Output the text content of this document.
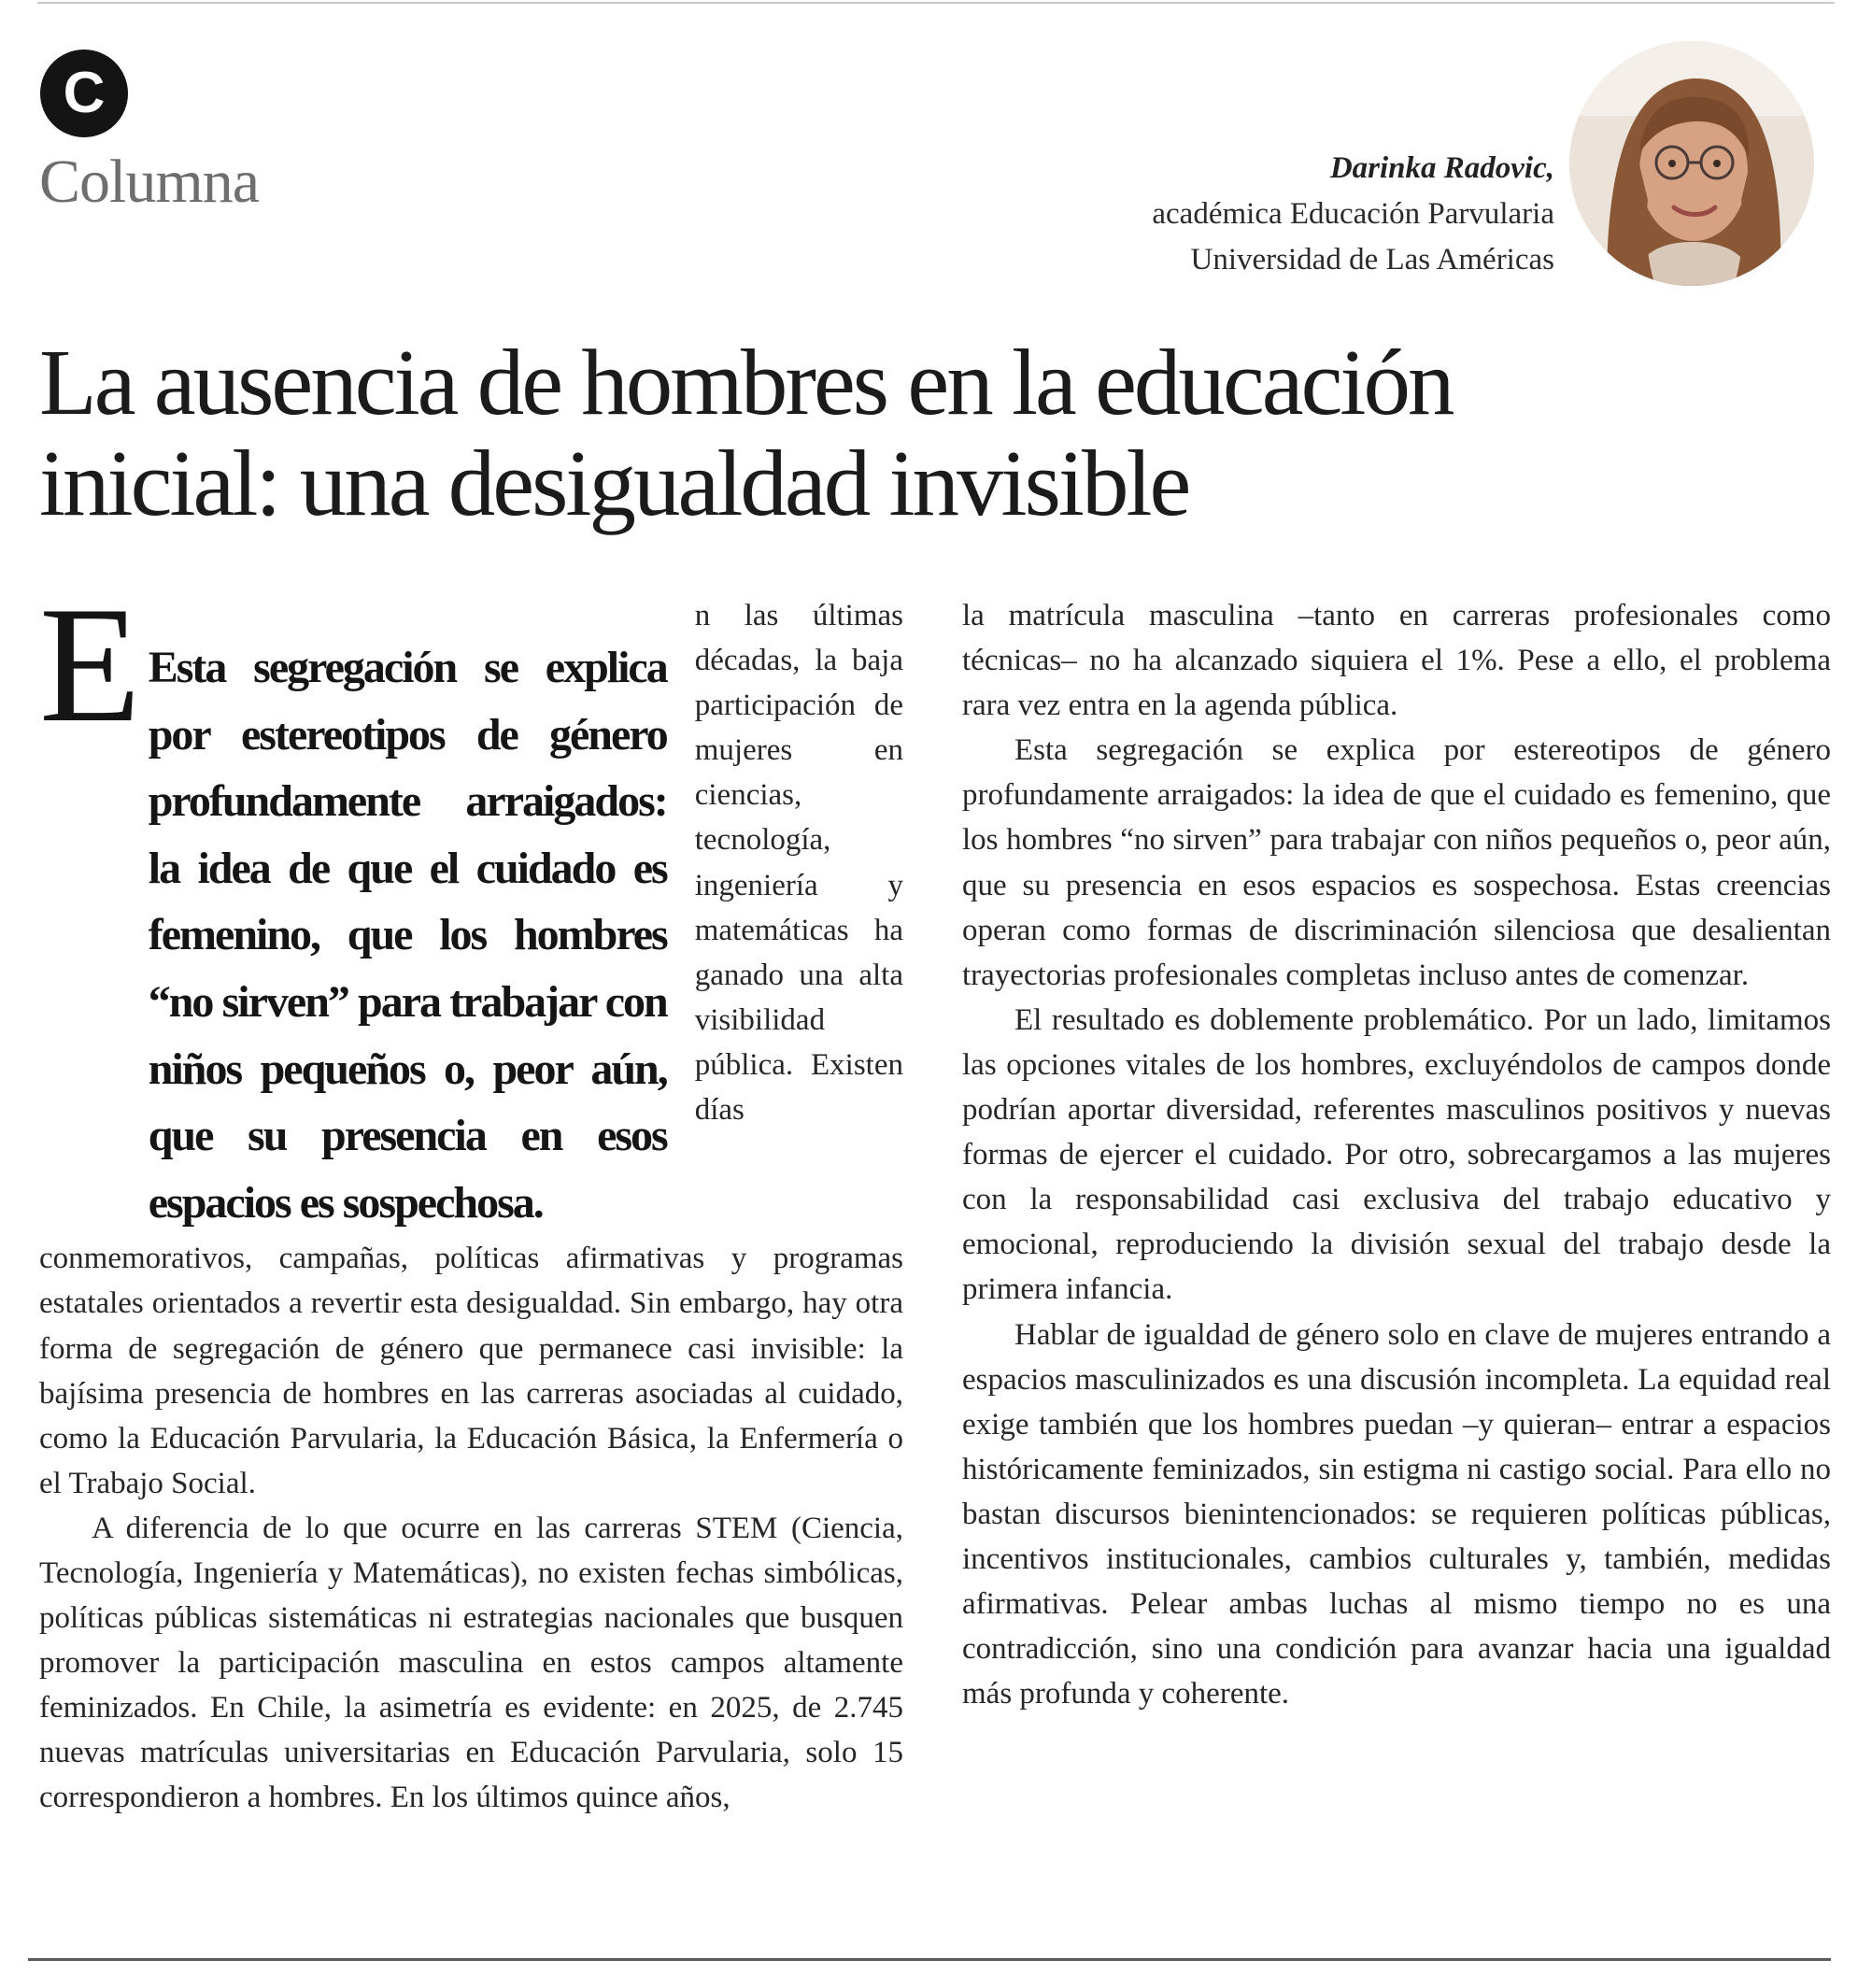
C
Columna	Darinka Radovic,
académica Educación Parvularia
Universidad de Las Américas
La ausencia de hombres en la educación
inicial: una desigualdad invisible

E Esta segregación se explica por estereotipos de género profundamente arraigados: la idea de que el cuidado es femenino, que los hombres “no sirven” para trabajar con niños pequeños o, peor aún, que su presencia en esos espacios es sospechosa.
n las últimas décadas, la baja participación de mujeres en ciencias, tecnología, ingeniería y matemáticas ha ganado una alta visibilidad pública. Existen días conmemorativos, campañas, políticas afirmativas y programas estatales orientados a revertir esta desigualdad. Sin embargo, hay otra forma de segregación de género que permanece casi invisible: la bajísima presencia de hombres en las carreras asociadas al cuidado, como la Educación Parvularia, la Educación Básica, la Enfermería o el Trabajo Social.

A diferencia de lo que ocurre en las carreras STEM (Ciencia, Tecnología, Ingeniería y Matemáticas), no existen fechas simbólicas, políticas públicas sistemáticas ni estrategias nacionales que busquen promover la participación masculina en estos campos altamente feminizados. En Chile, la asimetría es evidente: en 2025, de 2.745 nuevas matrículas universitarias en Educación Parvularia, solo 15 correspondieron a hombres. En los últimos quince años,

la matrícula masculina –tanto en carreras profesionales como técnicas– no ha alcanzado siquiera el 1%. Pese a ello, el problema rara vez entra en la agenda pública.

Esta segregación se explica por estereotipos de género profundamente arraigados: la idea de que el cuidado es femenino, que los hombres “no sirven” para trabajar con niños pequeños o, peor aún, que su presencia en esos espacios es sospechosa. Estas creencias operan como formas de discriminación silenciosa que desalientan trayectorias profesionales completas incluso antes de comenzar.

El resultado es doblemente problemático. Por un lado, limitamos las opciones vitales de los hombres, excluyéndolos de campos donde podrían aportar diversidad, referentes masculinos positivos y nuevas formas de ejercer el cuidado. Por otro, sobrecargamos a las mujeres con la responsabilidad casi exclusiva del trabajo educativo y emocional, reproduciendo la división sexual del trabajo desde la primera infancia.

Hablar de igualdad de género solo en clave de mujeres entrando a espacios masculinizados es una discusión incompleta. La equidad real exige también que los hombres puedan –y quieran– entrar a espacios históricamente feminizados, sin estigma ni castigo social. Para ello no bastan discursos bienintencionados: se requieren políticas públicas, incentivos institucionales, cambios culturales y, también, medidas afirmativas. Pelear ambas luchas al mismo tiempo no es una contradicción, sino una condición para avanzar hacia una igualdad más profunda y coherente.
